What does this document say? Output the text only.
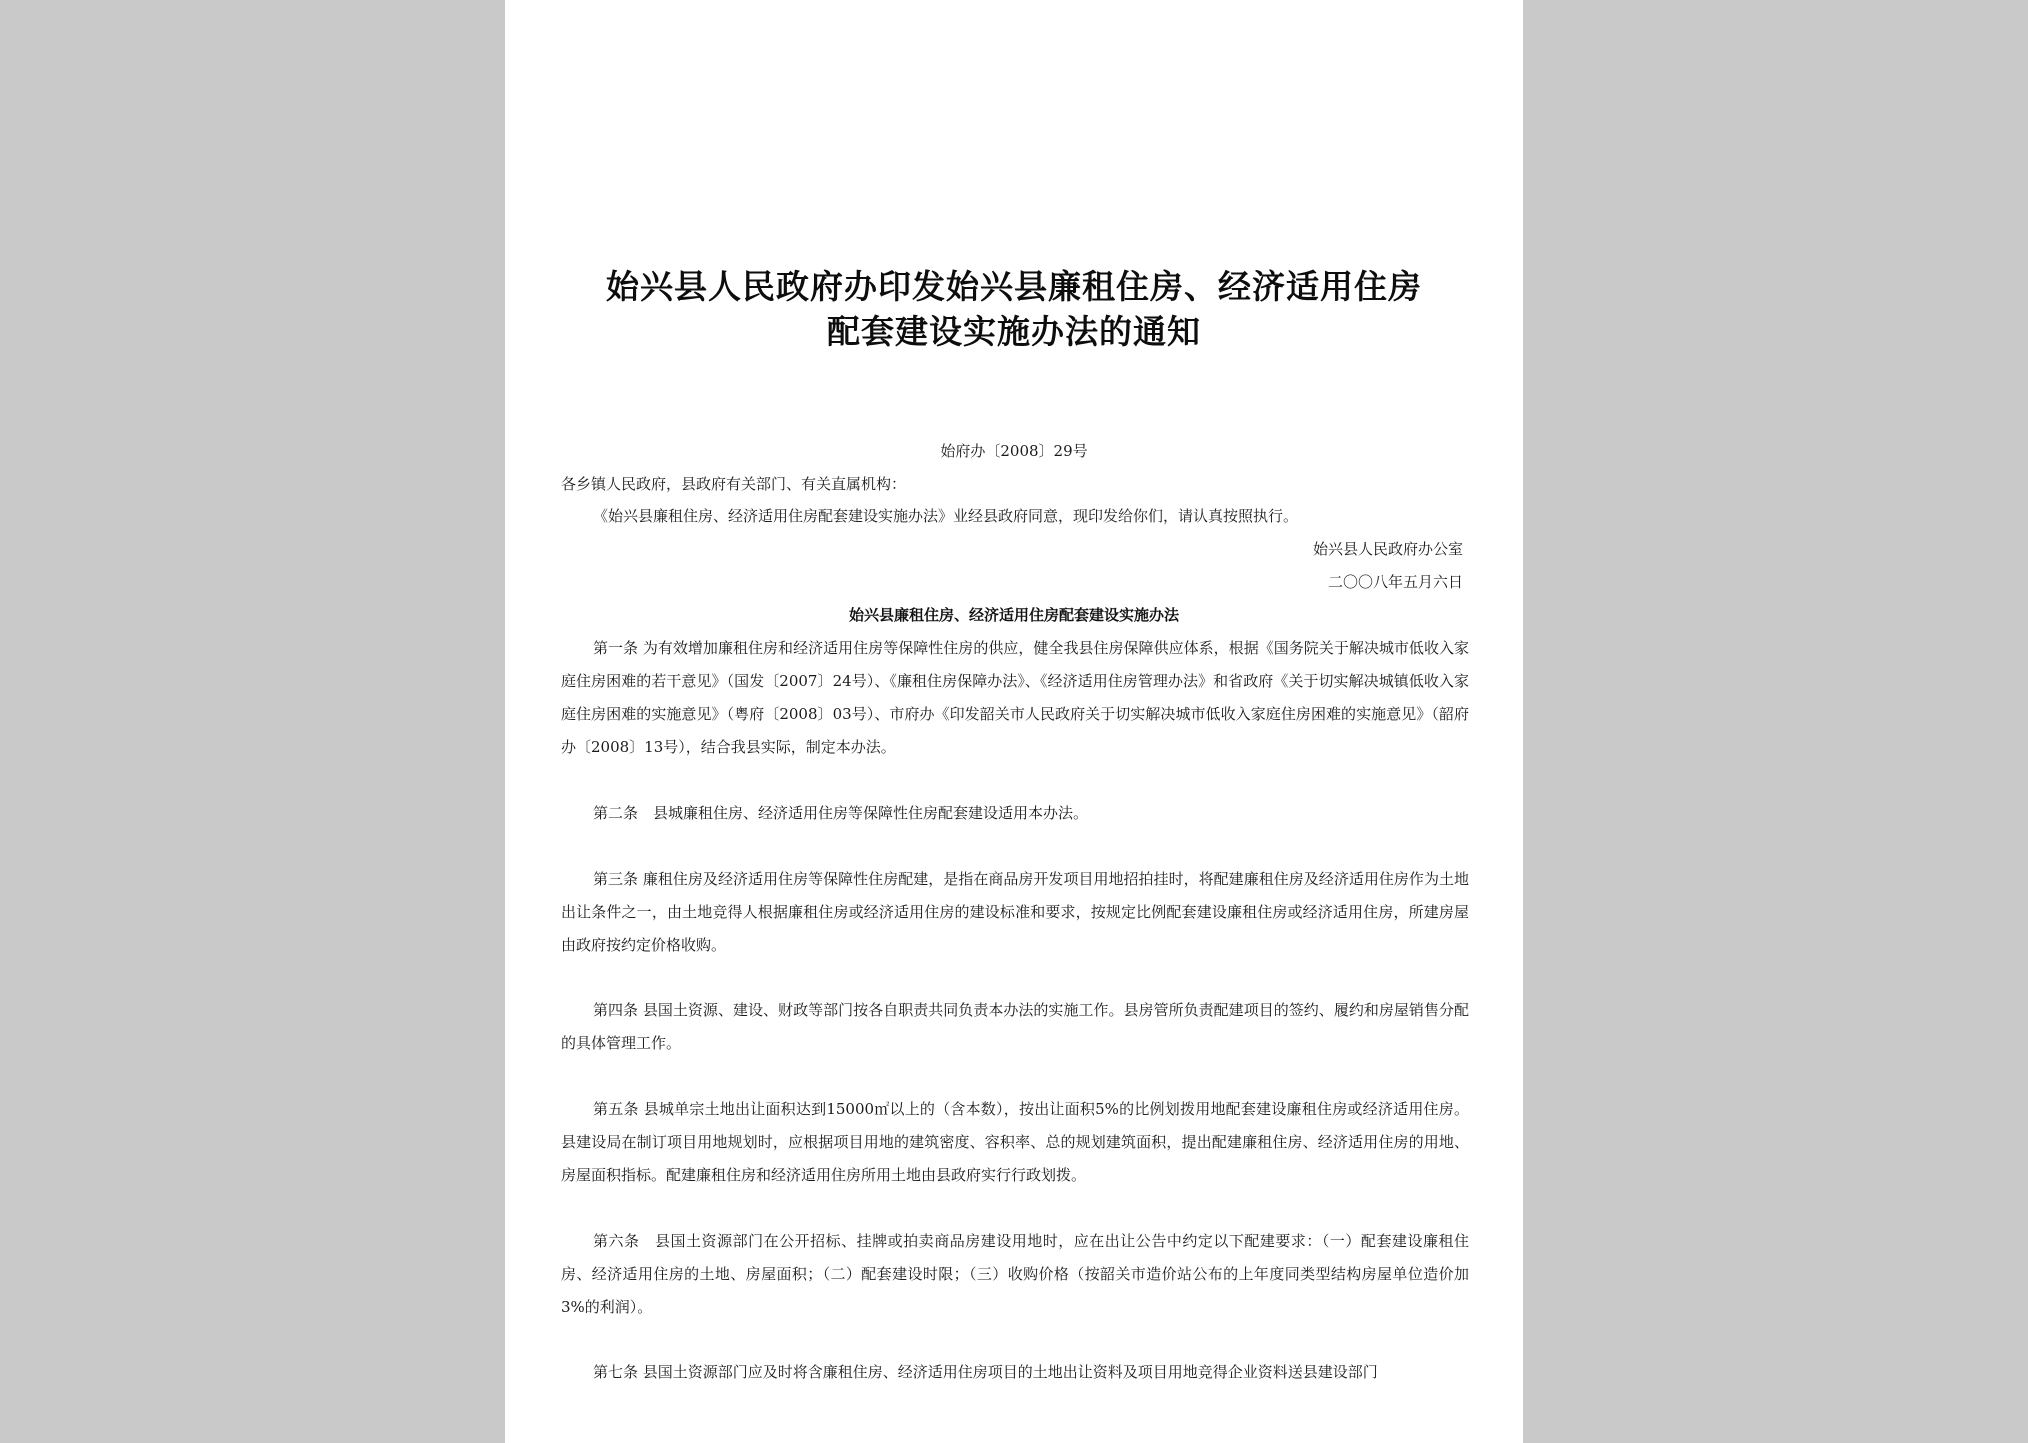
始兴县人民政府办印发始兴县廉租住房、经济适用住房
配套建设实施办法的通知
始府办〔2008〕29号
各乡镇人民政府，县政府有关部门、有关直属机构：
《始兴县廉租住房、经济适用住房配套建设实施办法》业经县政府同意，现印发给你们，请认真按照执行。
始兴县人民政府办公室
二〇〇八年五月六日
始兴县廉租住房、经济适用住房配套建设实施办法
第一条 为有效增加廉租住房和经济适用住房等保障性住房的供应，健全我县住房保障供应体系，根据《国务院关于解决城市低收入家庭住房困难的若干意见》（国发〔2007〕24号）、《廉租住房保障办法》、《经济适用住房管理办法》和省政府《关于切实解决城镇低收入家庭住房困难的实施意见》（粤府〔2008〕03号）、市府办《印发韶关市人民政府关于切实解决城市低收入家庭住房困难的实施意见》（韶府办〔2008〕13号），结合我县实际，制定本办法。
第二条　县城廉租住房、经济适用住房等保障性住房配套建设适用本办法。
第三条 廉租住房及经济适用住房等保障性住房配建，是指在商品房开发项目用地招拍挂时，将配建廉租住房及经济适用住房作为土地出让条件之一，由土地竞得人根据廉租住房或经济适用住房的建设标准和要求，按规定比例配套建设廉租住房或经济适用住房，所建房屋由政府按约定价格收购。
第四条 县国土资源、建设、财政等部门按各自职责共同负责本办法的实施工作。县房管所负责配建项目的签约、履约和房屋销售分配的具体管理工作。
第五条 县城单宗土地出让面积达到15000㎡以上的（含本数），按出让面积5%的比例划拨用地配套建设廉租住房或经济适用住房。县建设局在制订项目用地规划时，应根据项目用地的建筑密度、容积率、总的规划建筑面积，提出配建廉租住房、经济适用住房的用地、房屋面积指标。配建廉租住房和经济适用住房所用土地由县政府实行行政划拨。
第六条　县国土资源部门在公开招标、挂牌或拍卖商品房建设用地时，应在出让公告中约定以下配建要求：（一）配套建设廉租住房、经济适用住房的土地、房屋面积；（二）配套建设时限；（三）收购价格（按韶关市造价站公布的上年度同类型结构房屋单位造价加3%的利润）。
第七条 县国土资源部门应及时将含廉租住房、经济适用住房项目的土地出让资料及项目用地竞得企业资料送县建设部门
